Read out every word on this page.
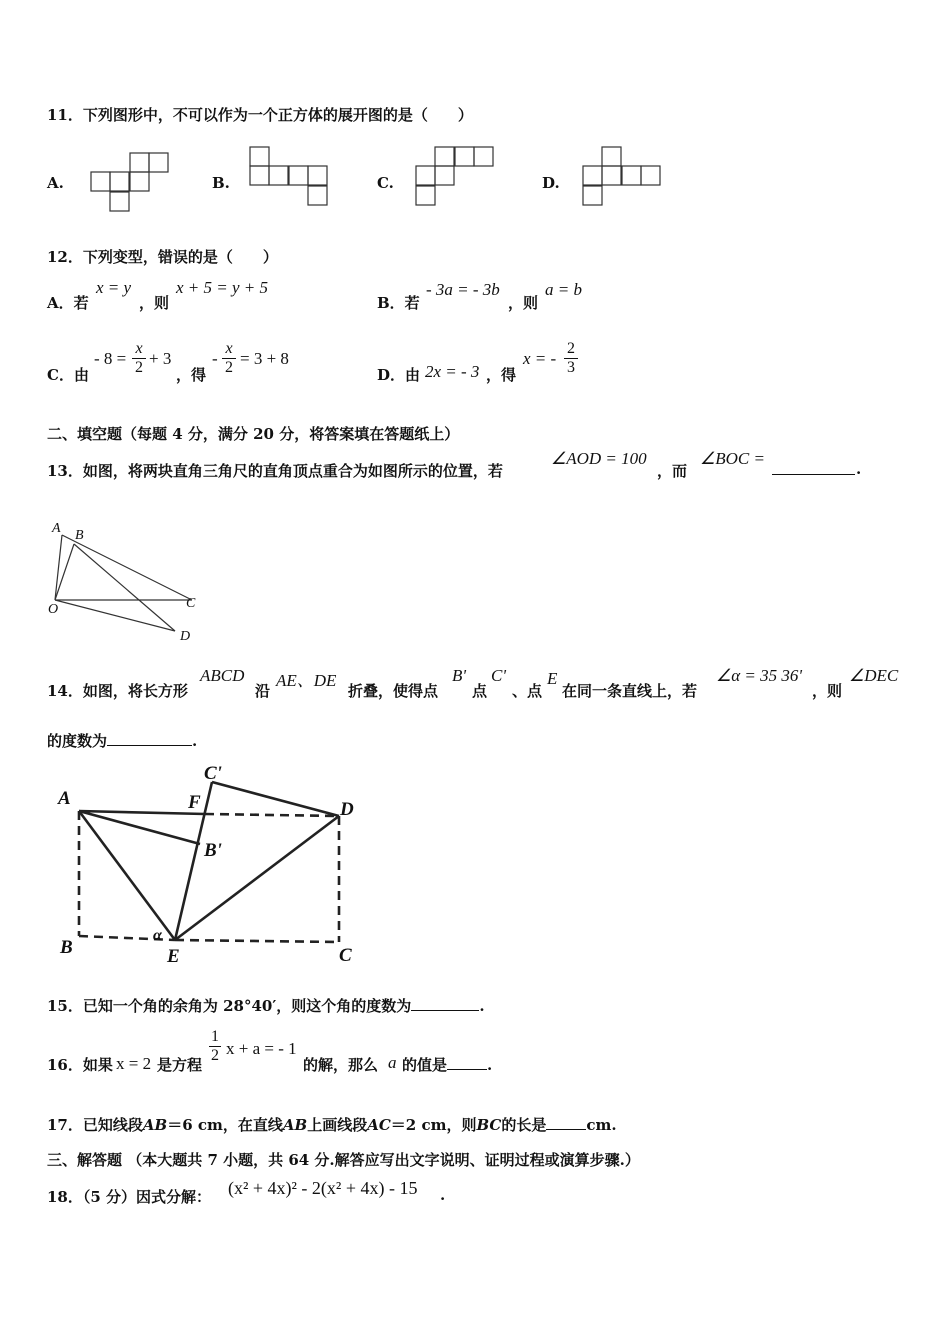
11．下列图形中，不可以作为一个正方体的展开图的是（　　）
A.	B.	C.	D.
12．下列变型，错误的是（　　）
A．若
x = y
，则
x + 5 = y + 5
B．若
- 3a = - 3b
，则
a = b
C．由
- 8 =
x
2 + 3
，得
-
x
2 = 3 + 8
D．由 2x = - 3 ，得
x = -
2
3
二、填空题（每题 4 分，满分 20 分，将答案填在答题纸上）
13．如图，将两块直角三角尺的直角顶点重合为如图所示的位置，若
∠AOD = 100
，而
∠BOC =
.
A B
O	C
D
14．如图，将长方形
ABCD
沿
AE、DE
折叠，使得点
B'
点
C'
、点
E
在同一条直线上，若
∠α = 35 36'
，则
∠DEC
的度数为	.
A
B	C
D
E
F
B'
C'
α
15．已知一个角的余角为 28°40′，则这个角的度数为	.
16．如果 x = 2 是方程
1
2 x + a = - 1
的解，那么 a 的值是	.
17．已知线段AB＝6 cm，在直线AB上画线段AC＝2 cm，则BC的长是	cm.
三、解答题 （本大题共 7 小题，共 64 分.解答应写出文字说明、证明过程或演算步骤.）
18．（5 分）因式分解： (x² + 4x)² - 2(x² + 4x) - 15 .
